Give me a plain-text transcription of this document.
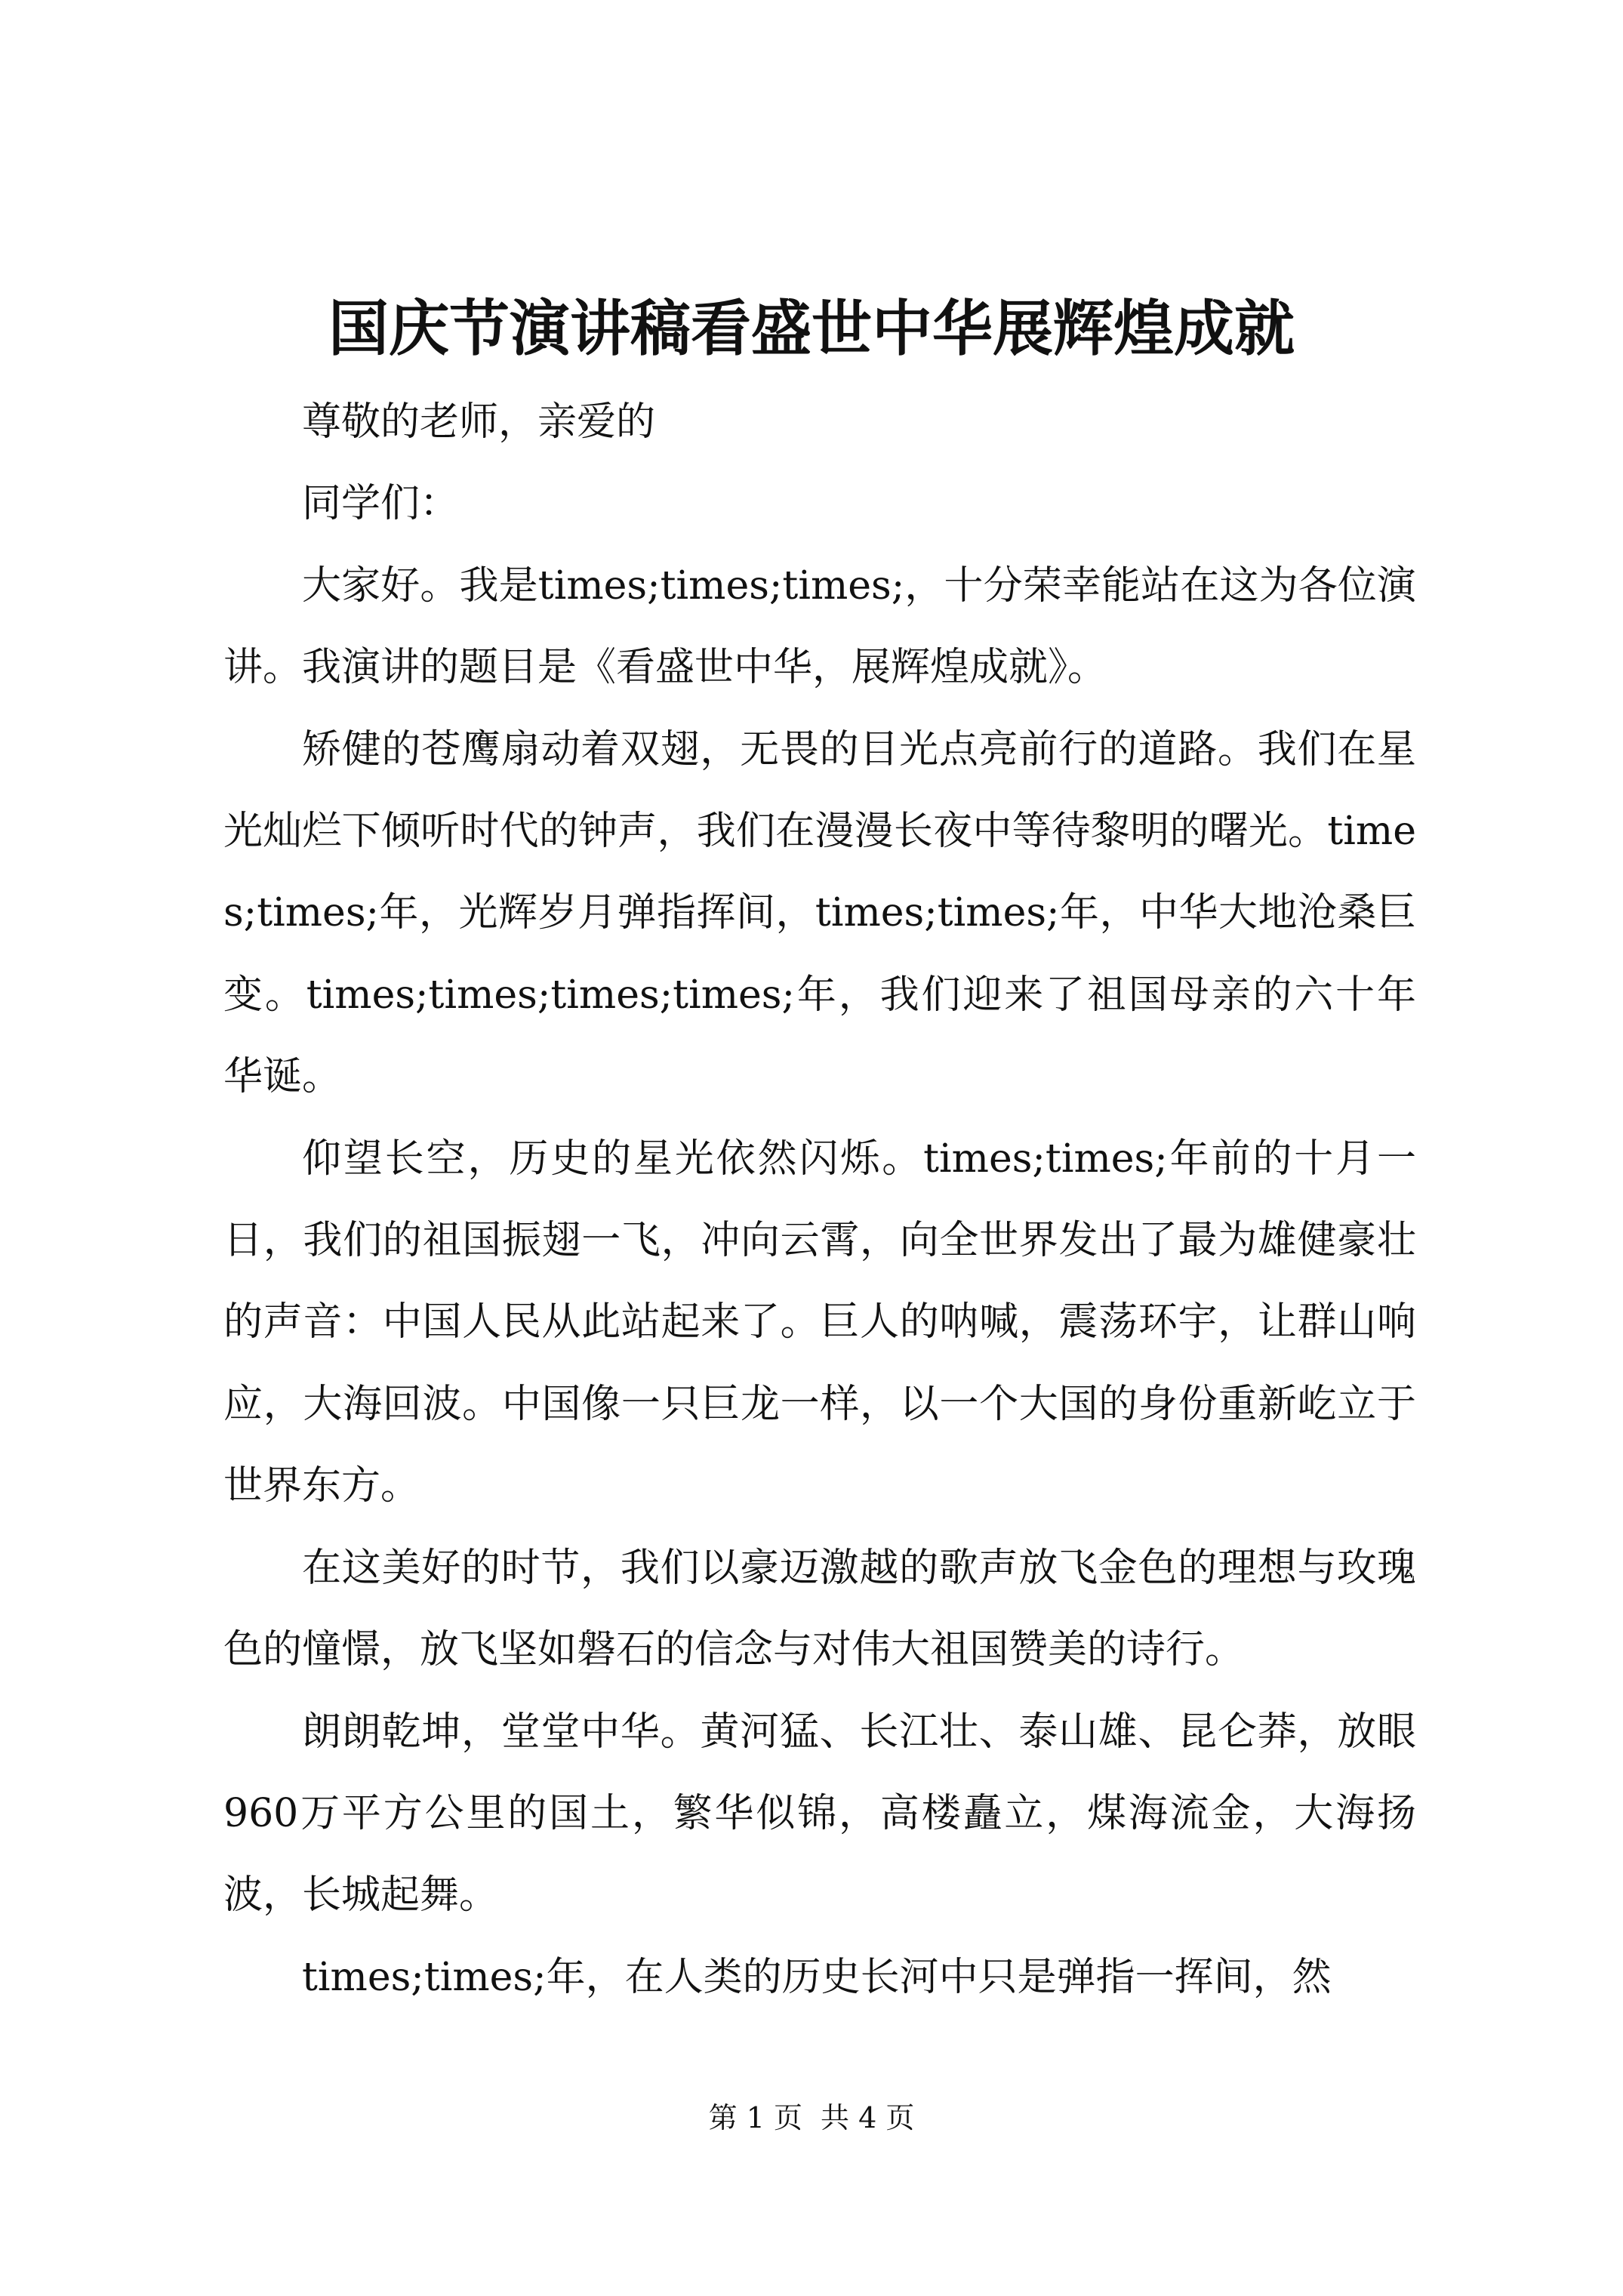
国庆节演讲稿看盛世中华展辉煌成就

尊敬的老师，亲爱的

同学们：

大家好。我是times;times;times;，十分荣幸能站在这为各位演讲。我演讲的题目是《看盛世中华，展辉煌成就》。

矫健的苍鹰扇动着双翅，无畏的目光点亮前行的道路。我们在星光灿烂下倾听时代的钟声，我们在漫漫长夜中等待黎明的曙光。times;times;年，光辉岁月弹指挥间，times;times;年，中华大地沧桑巨变。times;times;times;times;年，我们迎来了祖国母亲的六十年华诞。

仰望长空，历史的星光依然闪烁。times;times;年前的十月一日，我们的祖国振翅一飞，冲向云霄，向全世界发出了最为雄健豪壮的声音：中国人民从此站起来了。巨人的呐喊，震荡环宇，让群山响应，大海回波。中国像一只巨龙一样，以一个大国的身份重新屹立于世界东方。

在这美好的时节，我们以豪迈激越的歌声放飞金色的理想与玫瑰色的憧憬，放飞坚如磐石的信念与对伟大祖国赞美的诗行。

朗朗乾坤，堂堂中华。黄河猛、长江壮、泰山雄、昆仑莽，放眼960万平方公里的国土，繁华似锦，高楼矗立，煤海流金，大海扬波，长城起舞。

times;times;年，在人类的历史长河中只是弹指一挥间，然

第 1 页 共 4 页
